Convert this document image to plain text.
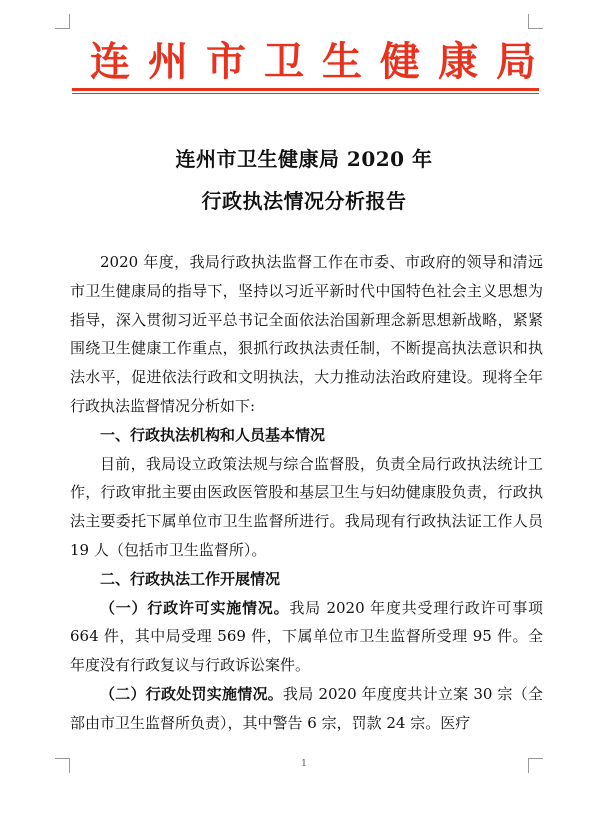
连州市卫生健康局
连州市卫生健康局 2020 年
行政执法情况分析报告

2020 年度，我局行政执法监督工作在市委、市政府的领导和清远市卫生健康局的指导下，坚持以习近平新时代中国特色社会主义思想为指导，深入贯彻习近平总书记全面依法治国新理念新思想新战略，紧紧围绕卫生健康工作重点，狠抓行政执法责任制，不断提高执法意识和执法水平，促进依法行政和文明执法，大力推动法治政府建设。现将全年行政执法监督情况分析如下:

一、行政执法机构和人员基本情况

目前，我局设立政策法规与综合监督股，负责全局行政执法统计工作，行政审批主要由医政医管股和基层卫生与妇幼健康股负责，行政执法主要委托下属单位市卫生监督所进行。我局现有行政执法证工作人员 19 人（包括市卫生监督所）。

二、行政执法工作开展情况

（一）行政许可实施情况。我局 2020 年度共受理行政许可事项 664 件，其中局受理 569 件，下属单位市卫生监督所受理 95 件。全年度没有行政复议与行政诉讼案件。

（二）行政处罚实施情况。我局 2020 年度度共计立案 30 宗（全部由市卫生监督所负责），其中警告 6 宗，罚款 24 宗。医疗

1
